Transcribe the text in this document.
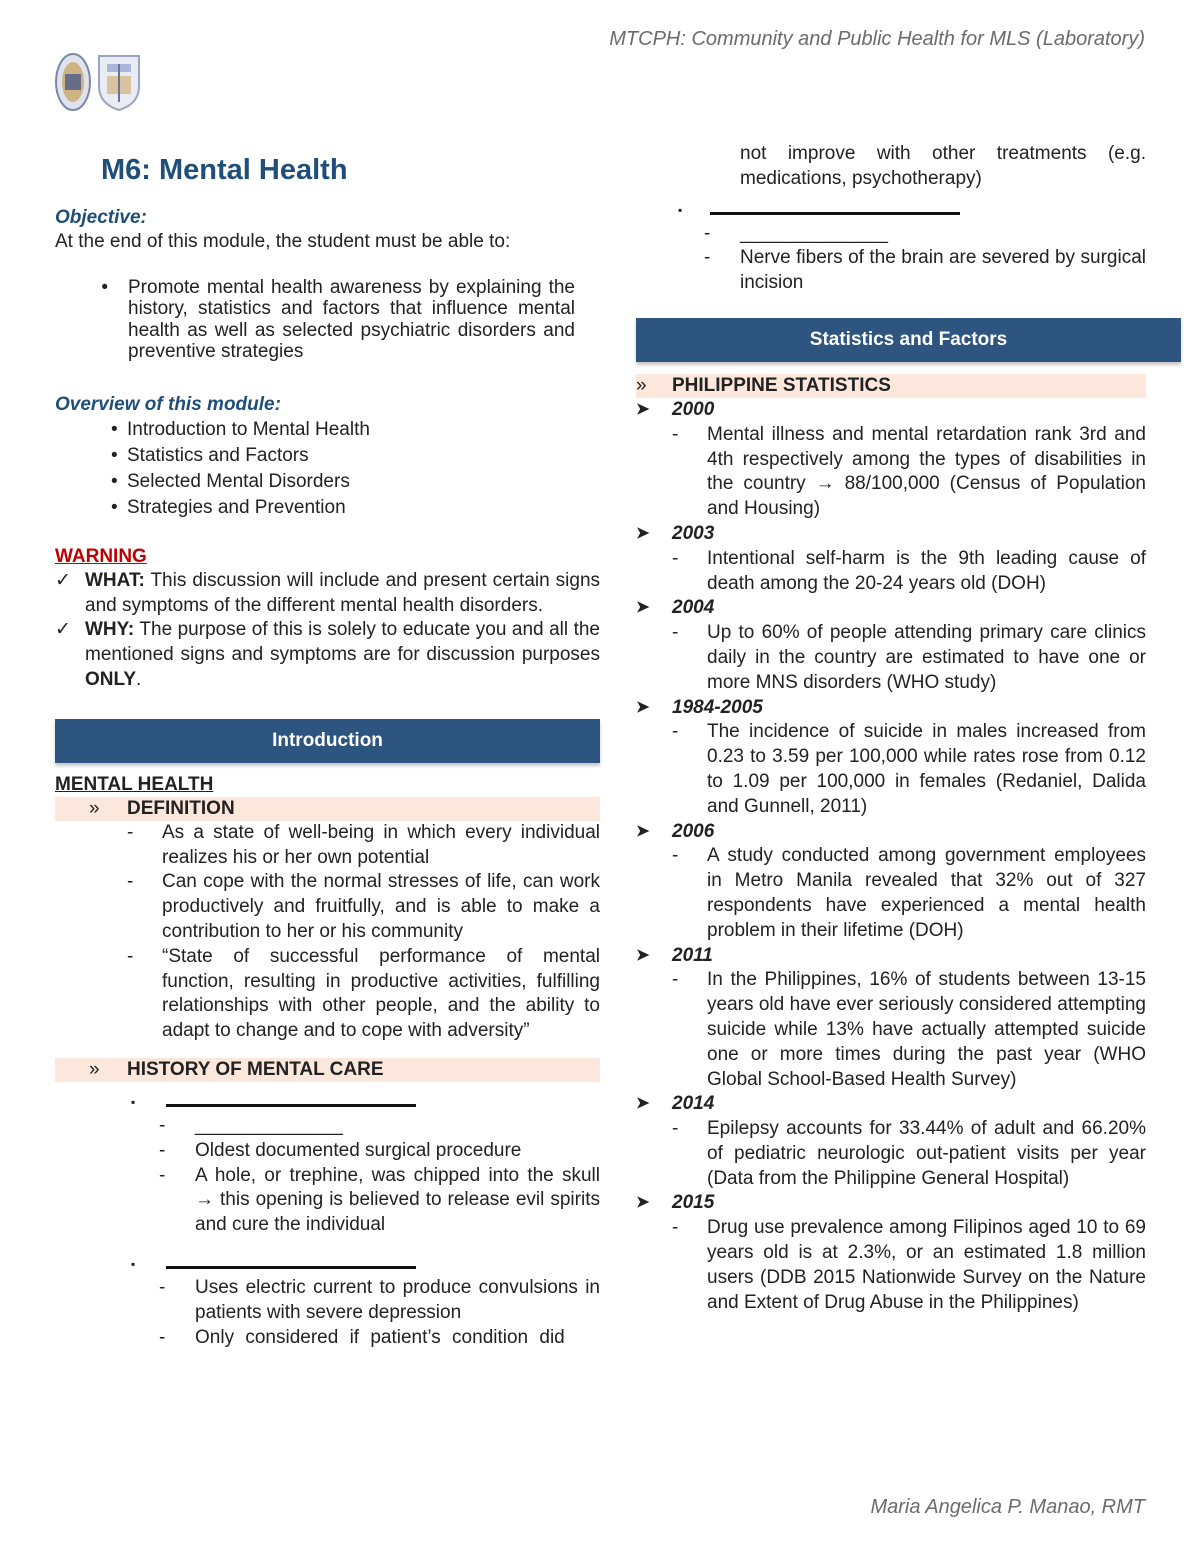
MTCPH: Community and Public Health for MLS (Laboratory)
M6: Mental Health
Objective:
At the end of this module, the student must be able to:
•	Promote mental health awareness by explaining the history, statistics and factors that influence mental health as well as selected psychiatric disorders and preventive strategies
Overview of this module:
• Introduction to Mental Health
• Statistics and Factors
• Selected Mental Disorders
• Strategies and Prevention
WARNING
✓ WHAT: This discussion will include and present certain signs and symptoms of the different mental health disorders.
✓ WHY: The purpose of this is solely to educate you and all the mentioned signs and symptoms are for discussion purposes ONLY.
Introduction
MENTAL HEALTH
»	DEFINITION
-	As a state of well-being in which every individual realizes his or her own potential
-	Can cope with the normal stresses of life, can work productively and fruitfully, and is able to make a contribution to her or his community
-	“State of successful performance of mental function, resulting in productive activities, fulfilling relationships with other people, and the ability to adapt to change and to cope with adversity”
»	HISTORY OF MENTAL CARE
▪
-	______________
-	Oldest documented surgical procedure
-	A hole, or trephine, was chipped into the skull → this opening is believed to release evil spirits and cure the individual
▪
-	Uses electric current to produce convulsions in patients with severe depression
-	Only considered if patient’s condition did
not improve with other treatments (e.g. medications, psychotherapy)
▪
-	______________
-	Nerve fibers of the brain are severed by surgical incision
Statistics and Factors
»	PHILIPPINE STATISTICS
➤	2000
-	Mental illness and mental retardation rank 3rd and 4th respectively among the types of disabilities in the country → 88/100,000 (Census of Population and Housing)
➤	2003
-	Intentional self-harm is the 9th leading cause of death among the 20-24 years old (DOH)
➤	2004
-	Up to 60% of people attending primary care clinics daily in the country are estimated to have one or more MNS disorders (WHO study)
➤	1984-2005
-	The incidence of suicide in males increased from 0.23 to 3.59 per 100,000 while rates rose from 0.12 to 1.09 per 100,000 in females (Redaniel, Dalida and Gunnell, 2011)
➤	2006
-	A study conducted among government employees in Metro Manila revealed that 32% out of 327 respondents have experienced a mental health problem in their lifetime (DOH)
➤	2011
-	In the Philippines, 16% of students between 13-15 years old have ever seriously considered attempting suicide while 13% have actually attempted suicide one or more times during the past year (WHO Global School-Based Health Survey)
➤	2014
-	Epilepsy accounts for 33.44% of adult and 66.20% of pediatric neurologic out-patient visits per year (Data from the Philippine General Hospital)
➤	2015
-	Drug use prevalence among Filipinos aged 10 to 69 years old is at 2.3%, or an estimated 1.8 million users (DDB 2015 Nationwide Survey on the Nature and Extent of Drug Abuse in the Philippines)
Maria Angelica P. Manao, RMT
